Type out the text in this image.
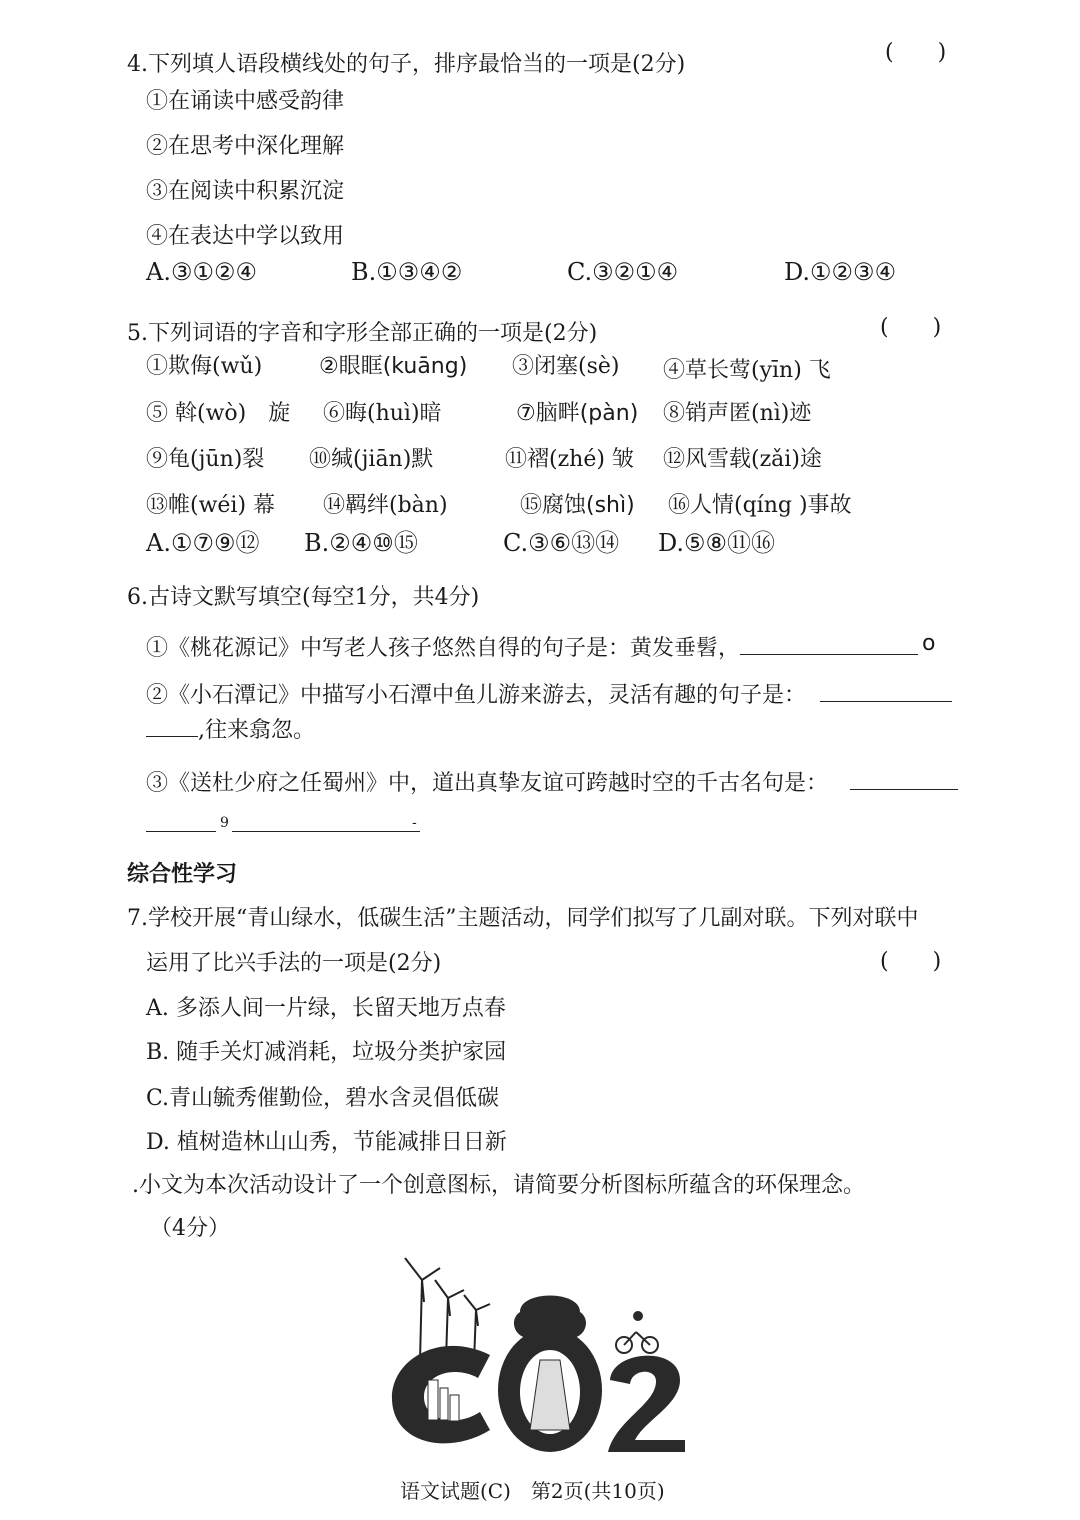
4.下列填人语段横线处的句子，排序最恰当的一项是(2分)	(　　)
①在诵读中感受韵律
②在思考中深化理解
③在阅读中积累沉淀
④在表达中学以致用
A.③①②④	B.①③④②	C.③②①④	D.①②③④
5.下列词语的字音和字形全部正确的一项是(2分)	(　　)
①欺侮(wǔ)	②眼眶(kuāng) ③闭塞(sè) ④草长莺(yīn) 飞
⑤ 斡(wò)　旋 ⑥晦(huì)暗	⑦脑畔(pàn) ⑧销声匿(nì)迹
⑨龟(jūn)裂 ⑩缄(jiān)默	⑪褶(zhé) 皱 ⑫风雪载(zǎi)途
⑬帷(wéi) 幕 ⑭羁绊(bàn)	⑮腐蚀(shì) ⑯人情(qíng )事故
A.①⑦⑨⑫ B.②④⑩⑮	C.③⑥⑬⑭ D.⑤⑧⑪⑯
6.古诗文默写填空(每空1分，共4分)
①《桃花源记》中写老人孩子悠然自得的句子是：黄发垂髫，	o
②《小石潭记》中描写小石潭中鱼儿游来游去，灵活有趣的句子是：
,往来翕忽。
③《送杜少府之任蜀州》中，道出真挚友谊可跨越时空的千古名句是：
9	-
综合性学习
7.学校开展“青山绿水，低碳生活”主题活动，同学们拟写了几副对联。下列对联中
运用了比兴手法的一项是(2分)	(　　)
A. 多添人间一片绿，长留天地万点春
B. 随手关灯减消耗，垃圾分类护家园
C.青山毓秀催勤俭，碧水含灵倡低碳
D. 植树造林山山秀，节能减排日日新
.小文为本次活动设计了一个创意图标，请简要分析图标所蕴含的环保理念。
（4分）
语文试题(C)　第2页(共10页)
